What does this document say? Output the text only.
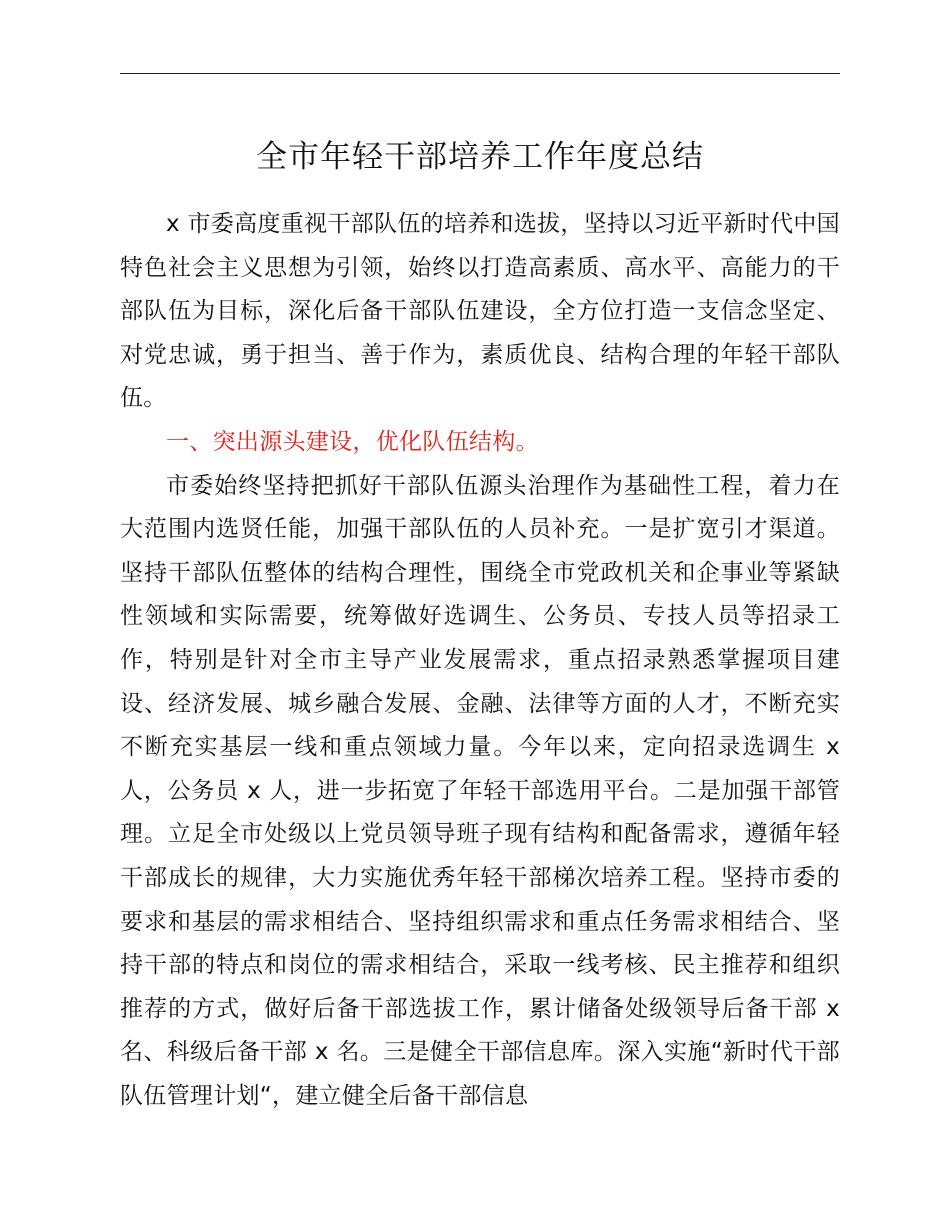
全市年轻干部培养工作年度总结

x 市委高度重视干部队伍的培养和选拔，坚持以习近平新时代中国特色社会主义思想为引领，始终以打造高素质、高水平、高能力的干部队伍为目标，深化后备干部队伍建设，全方位打造一支信念坚定、对党忠诚，勇于担当、善于作为，素质优良、结构合理的年轻干部队伍。

一、突出源头建设，优化队伍结构。

市委始终坚持把抓好干部队伍源头治理作为基础性工程，着力在大范围内选贤任能，加强干部队伍的人员补充。一是扩宽引才渠道。坚持干部队伍整体的结构合理性，围绕全市党政机关和企事业等紧缺性领域和实际需要，统筹做好选调生、公务员、专技人员等招录工作，特别是针对全市主导产业发展需求，重点招录熟悉掌握项目建设、经济发展、城乡融合发展、金融、法律等方面的人才，不断充实不断充实基层一线和重点领域力量。今年以来，定向招录选调生 x 人，公务员 x 人，进一步拓宽了年轻干部选用平台。二是加强干部管理。立足全市处级以上党员领导班子现有结构和配备需求，遵循年轻干部成长的规律，大力实施优秀年轻干部梯次培养工程。坚持市委的要求和基层的需求相结合、坚持组织需求和重点任务需求相结合、坚持干部的特点和岗位的需求相结合，采取一线考核、民主推荐和组织推荐的方式，做好后备干部选拔工作，累计储备处级领导后备干部 x 名、科级后备干部 x 名。三是健全干部信息库。深入实施“新时代干部队伍管理计划“，建立健全后备干部信息
